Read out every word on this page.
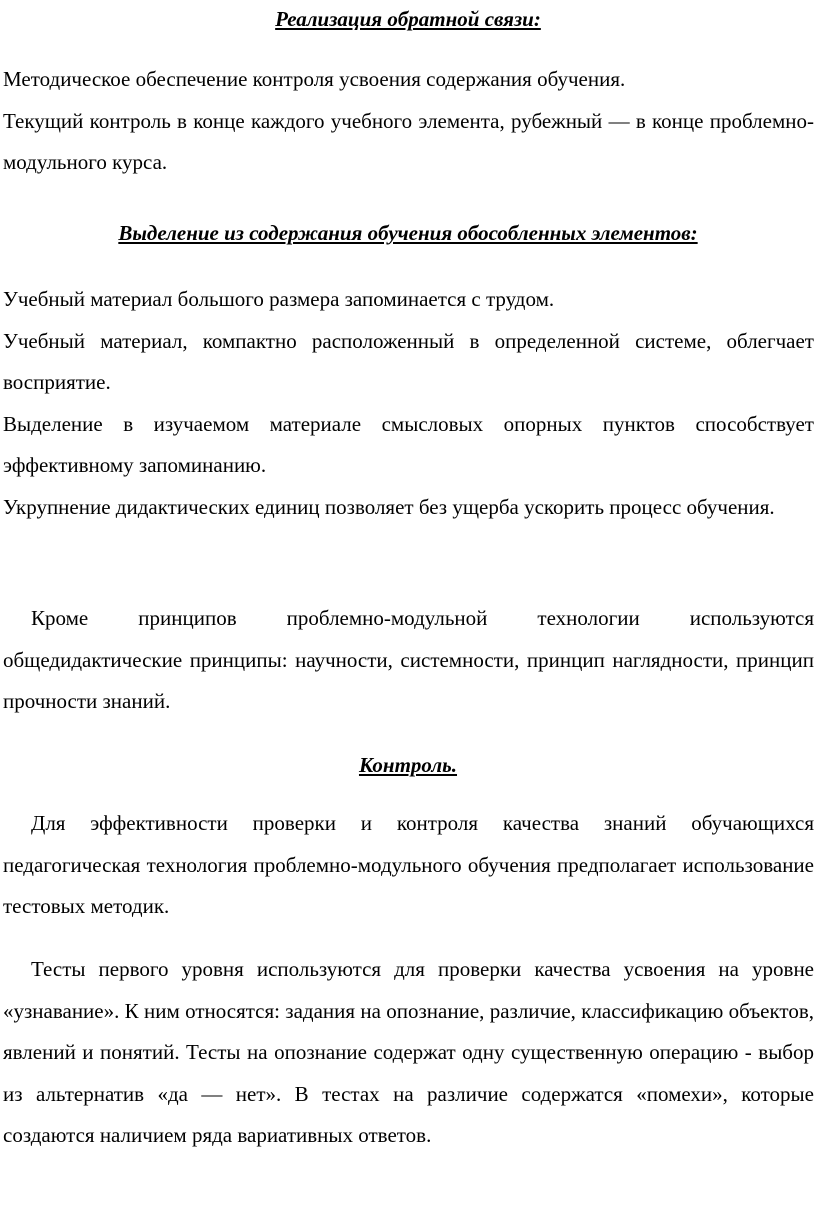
Реализация обратной связи:

Методическое обеспечение контроля усвоения содержания обучения.

Текущий контроль в конце каждого учебного элемента, рубежный — в конце проблемно-модульного курса.

Выделение из содержания обучения обособленных элементов:

Учебный материал большого размера запоминается с трудом.

Учебный материал, компактно расположенный в определенной системе, облегчает восприятие.

Выделение в изучаемом материале смысловых опорных пунктов способствует эффективному запоминанию.

Укрупнение дидактических единиц позволяет без ущерба ускорить процесс обучения.

Кроме принципов проблемно-модульной технологии используются общедидактические принципы: научности, системности, принцип наглядности, принцип прочности знаний.

Контроль.

Для эффективности проверки и контроля качества знаний обучающихся педагогическая технология проблемно-модульного обучения предполагает использование тестовых методик.

Тесты первого уровня используются для проверки качества усвоения на уровне «узнавание». К ним относятся: задания на опознание, различие, классификацию объектов, явлений и понятий. Тесты на опознание содержат одну существенную операцию - выбор из альтернатив «да — нет». В тестах на различие содержатся «помехи», которые создаются наличием ряда вариативных ответов.
